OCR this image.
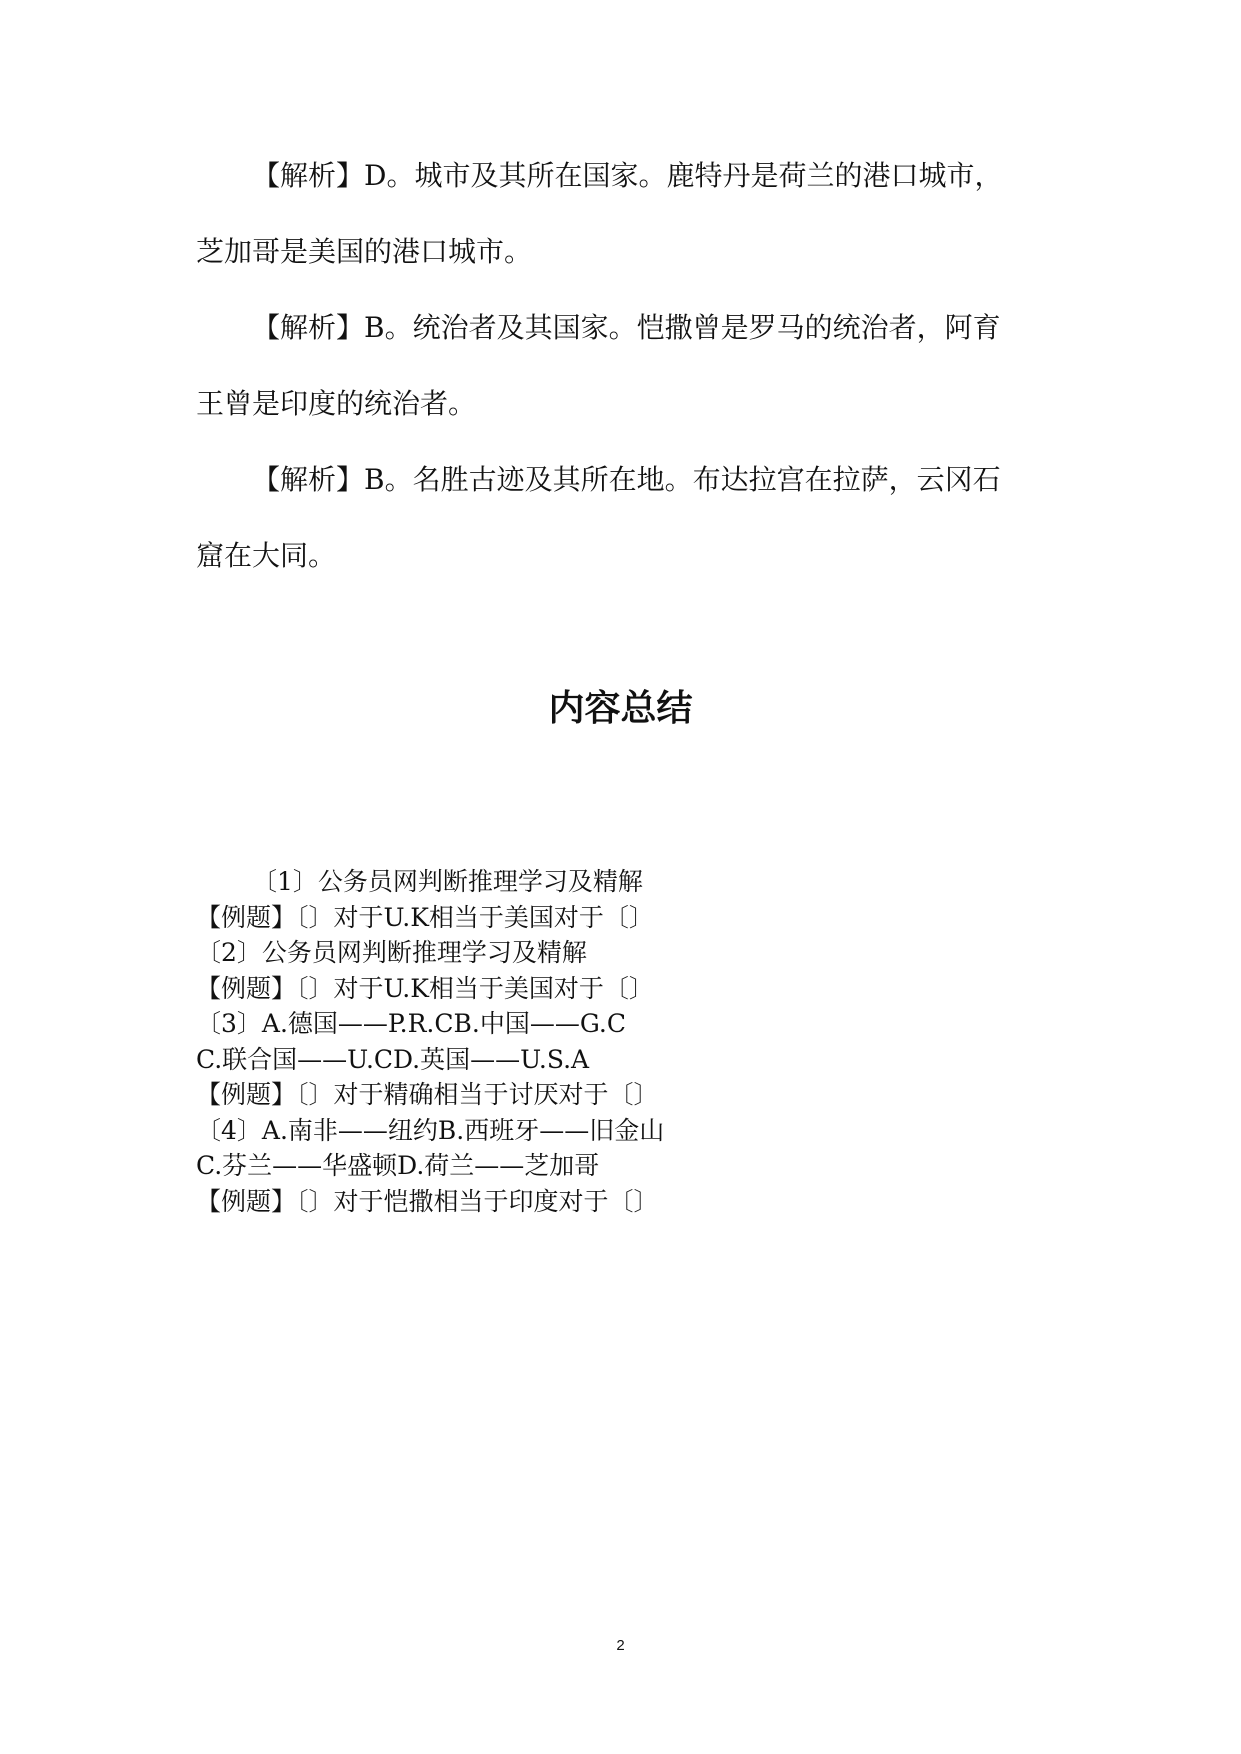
【解析】D。城市及其所在国家。鹿特丹是荷兰的港口城市，
芝加哥是美国的港口城市。

【解析】B。统治者及其国家。恺撒曾是罗马的统治者，阿育
王曾是印度的统治者。

【解析】B。名胜古迹及其所在地。布达拉宫在拉萨，云冈石
窟在大同。

内容总结
〔1〕公务员网判断推理学习及精解
【例题】〔〕对于U.K相当于美国对于〔〕
〔2〕公务员网判断推理学习及精解
【例题】〔〕对于U.K相当于美国对于〔〕
〔3〕A.德国——P.R.CB.中国——G.C
C.联合国——U.CD.英国——U.S.A
【例题】〔〕对于精确相当于讨厌对于〔〕
〔4〕A.南非——纽约B.西班牙——旧金山
C.芬兰——华盛顿D.荷兰——芝加哥
【例题】〔〕对于恺撒相当于印度对于〔〕
2
